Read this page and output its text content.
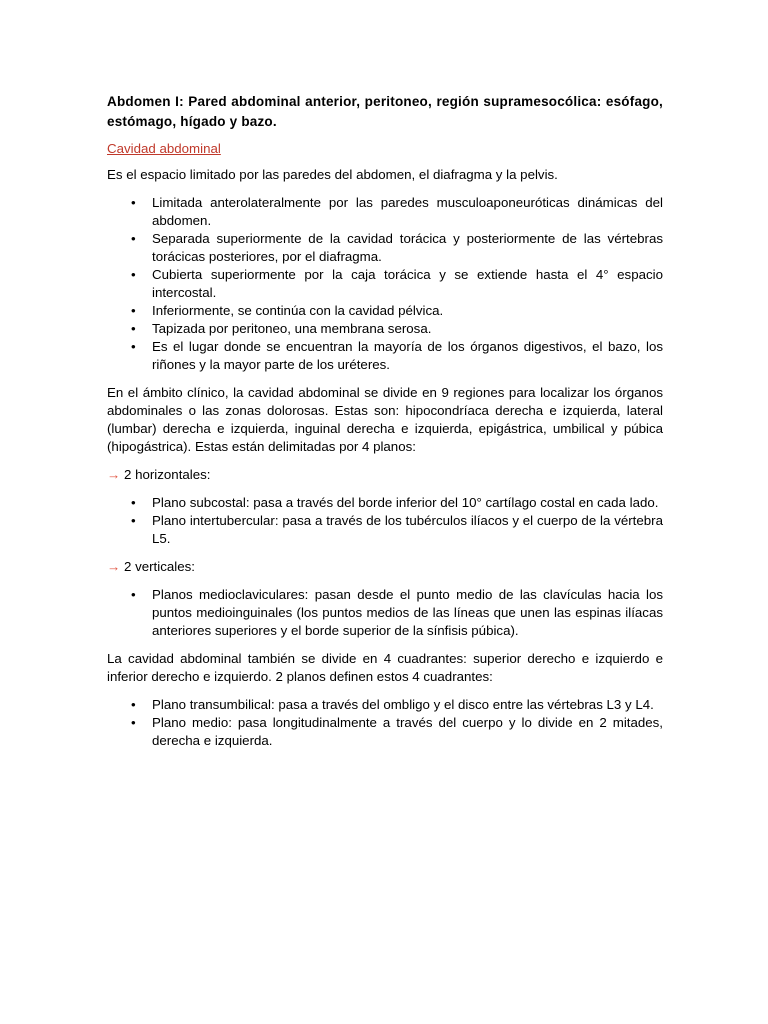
Abdomen I: Pared abdominal anterior, peritoneo, región supramesocólica: esófago, estómago, hígado y bazo.
Cavidad abdominal

Es el espacio limitado por las paredes del abdomen, el diafragma y la pelvis.

•	Limitada anterolateralmente por las paredes musculoaponeuróticas dinámicas del abdomen.
•	Separada superiormente de la cavidad torácica y posteriormente de las vértebras torácicas posteriores, por el diafragma.
•	Cubierta superiormente por la caja torácica y se extiende hasta el 4° espacio intercostal.
•	Inferiormente, se continúa con la cavidad pélvica.
•	Tapizada por peritoneo, una membrana serosa.
•	Es el lugar donde se encuentran la mayoría de los órganos digestivos, el bazo, los riñones y la mayor parte de los uréteres.

En el ámbito clínico, la cavidad abdominal se divide en 9 regiones para localizar los órganos abdominales o las zonas dolorosas. Estas son: hipocondríaca derecha e izquierda, lateral (lumbar) derecha e izquierda, inguinal derecha e izquierda, epigástrica, umbilical y púbica (hipogástrica). Estas están delimitadas por 4 planos:

→ 2 horizontales:
•	Plano subcostal: pasa a través del borde inferior del 10° cartílago costal en cada lado.
•	Plano intertubercular: pasa a través de los tubérculos ilíacos y el cuerpo de la vértebra L5.
→ 2 verticales:
•	Planos medioclaviculares: pasan desde el punto medio de las clavículas hacia los puntos medioinguinales (los puntos medios de las líneas que unen las espinas ilíacas anteriores superiores y el borde superior de la sínfisis púbica).

La cavidad abdominal también se divide en 4 cuadrantes: superior derecho e izquierdo e inferior derecho e izquierdo. 2 planos definen estos 4 cuadrantes:

•	Plano transumbilical: pasa a través del ombligo y el disco entre las vértebras L3 y L4.
•	Plano medio: pasa longitudinalmente a través del cuerpo y lo divide en 2 mitades, derecha e izquierda.
